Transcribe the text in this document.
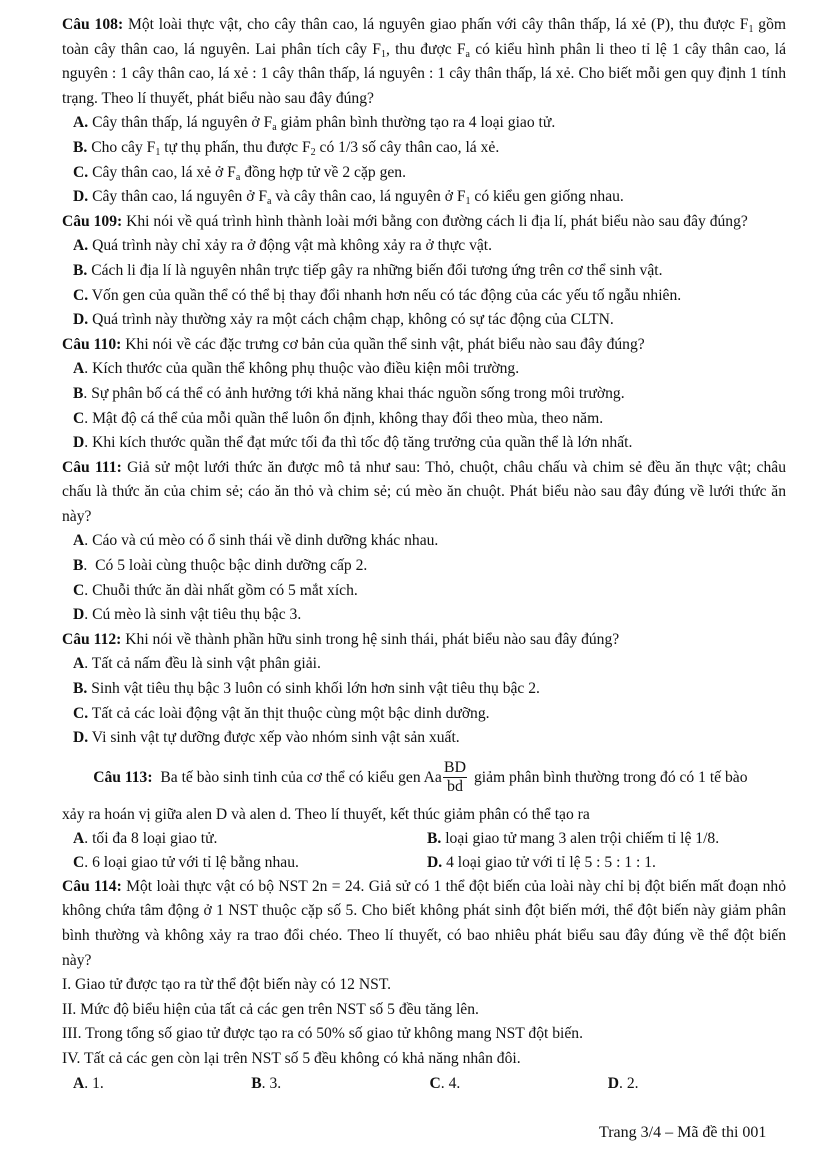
Câu 108: Một loài thực vật, cho cây thân cao, lá nguyên giao phấn với cây thân thấp, lá xẻ (P), thu được $F_1$ gồm toàn cây thân cao, lá nguyên. Lai phân tích cây $F_1$, thu được $F_a$ có kiểu hình phân li theo tỉ lệ 1 cây thân cao, lá nguyên : 1 cây thân cao, lá xẻ : 1 cây thân thấp, lá nguyên : 1 cây thân thấp, lá xẻ. Cho biết mỗi gen quy định 1 tính trạng. Theo lí thuyết, phát biểu nào sau đây đúng?

A. Cây thân thấp, lá nguyên ở $F_a$ giảm phân bình thường tạo ra 4 loại giao tử.

B. Cho cây $F_1$ tự thụ phấn, thu được $F_2$ có 1/3 số cây thân cao, lá xẻ.

C. Cây thân cao, lá xẻ ở $F_a$ đồng hợp tử về 2 cặp gen.

D. Cây thân cao, lá nguyên ở $F_a$ và cây thân cao, lá nguyên ở $F_1$ có kiểu gen giống nhau.

Câu 109: Khi nói về quá trình hình thành loài mới bằng con đường cách li địa lí, phát biểu nào sau đây đúng?

A. Quá trình này chỉ xảy ra ở động vật mà không xảy ra ở thực vật.

B. Cách li địa lí là nguyên nhân trực tiếp gây ra những biến đổi tương ứng trên cơ thể sinh vật.

C. Vốn gen của quần thể có thể bị thay đổi nhanh hơn nếu có tác động của các yếu tố ngẫu nhiên.

D. Quá trình này thường xảy ra một cách chậm chạp, không có sự tác động của CLTN.

Câu 110: Khi nói về các đặc trưng cơ bản của quần thể sinh vật, phát biểu nào sau đây đúng?

A. Kích thước của quần thể không phụ thuộc vào điều kiện môi trường.

B. Sự phân bố cá thể có ảnh hưởng tới khả năng khai thác nguồn sống trong môi trường.

C. Mật độ cá thể của mỗi quần thể luôn ổn định, không thay đổi theo mùa, theo năm.

D. Khi kích thước quần thể đạt mức tối đa thì tốc độ tăng trưởng của quần thể là lớn nhất.

Câu 111: Giả sử một lưới thức ăn được mô tả như sau: Thỏ, chuột, châu chấu và chim sẻ đều ăn thực vật; châu chấu là thức ăn của chim sẻ; cáo ăn thỏ và chim sẻ; cú mèo ăn chuột. Phát biểu nào sau đây đúng về lưới thức ăn này?

A. Cáo và cú mèo có ổ sinh thái về dinh dưỡng khác nhau.

B.  Có 5 loài cùng thuộc bậc dinh dưỡng cấp 2.

C. Chuỗi thức ăn dài nhất gồm có 5 mắt xích.

D. Cú mèo là sinh vật tiêu thụ bậc 3.

Câu 112: Khi nói về thành phần hữu sinh trong hệ sinh thái, phát biểu nào sau đây đúng?

A. Tất cả nấm đều là sinh vật phân giải.

B. Sinh vật tiêu thụ bậc 3 luôn có sinh khối lớn hơn sinh vật tiêu thụ bậc 2.

C. Tất cả các loài động vật ăn thịt thuộc cùng một bậc dinh dưỡng.

D. Vi sinh vật tự dưỡng được xếp vào nhóm sinh vật sản xuất.

Câu 113:  Ba tế bào sinh tinh của cơ thể có kiểu gen Aa
$\frac{BD}{bd}$ giảm phân bình thường trong đó có 1 tế bào

xảy ra hoán vị giữa alen D và alen d. Theo lí thuyết, kết thúc giảm phân có thể tạo ra

A. tối đa 8 loại giao tử.	B. loại giao tử mang 3 alen trội chiếm tỉ lệ 1/8.
C. 6 loại giao tử với tỉ lệ bằng nhau.	D. 4 loại giao tử với tỉ lệ 5 : 5 : 1 : 1.

Câu 114: Một loài thực vật có bộ NST 2n = 24. Giả sử có 1 thể đột biến của loài này chỉ bị đột biến mất đoạn nhỏ không chứa tâm động ở 1 NST thuộc cặp số 5. Cho biết không phát sinh đột biến mới, thể đột biến này giảm phân bình thường và không xảy ra trao đổi chéo. Theo lí thuyết, có bao nhiêu phát biểu sau đây đúng về thể đột biến này?

I. Giao tử được tạo ra từ thể đột biến này có 12 NST.

II. Mức độ biểu hiện của tất cả các gen trên NST số 5 đều tăng lên.

III. Trong tổng số giao tử được tạo ra có 50% số giao tử không mang NST đột biến.

IV. Tất cả các gen còn lại trên NST số 5 đều không có khả năng nhân đôi.

A. 1.	B. 3.	C. 4.	D. 2.
Trang 3/4 – Mã đề thi 001
